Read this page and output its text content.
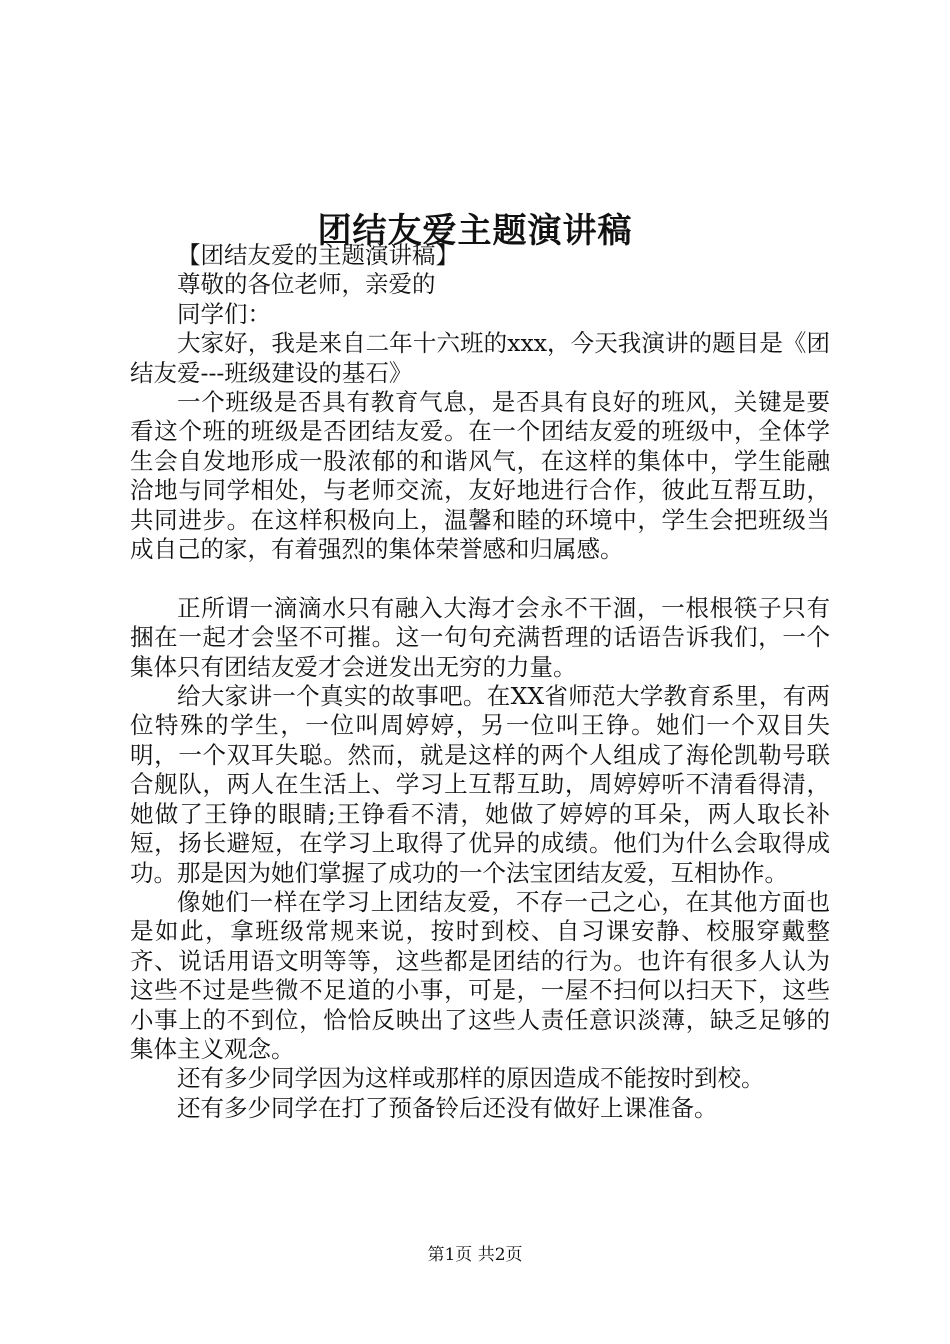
团结友爱主题演讲稿

【团结友爱的主题演讲稿】

尊敬的各位老师，亲爱的

同学们：

大家好，我是来自二年十六班的xxx，今天我演讲的题目是《团结友爱---班级建设的基石》

一个班级是否具有教育气息，是否具有良好的班风，关键是要看这个班的班级是否团结友爱。在一个团结友爱的班级中，全体学生会自发地形成一股浓郁的和谐风气，在这样的集体中，学生能融洽地与同学相处，与老师交流，友好地进行合作，彼此互帮互助，共同进步。在这样积极向上，温馨和睦的环境中，学生会把班级当成自己的家，有着强烈的集体荣誉感和归属感。

正所谓一滴滴水只有融入大海才会永不干涸，一根根筷子只有捆在一起才会坚不可摧。这一句句充满哲理的话语告诉我们，一个集体只有团结友爱才会迸发出无穷的力量。

给大家讲一个真实的故事吧。在XX省师范大学教育系里，有两位特殊的学生，一位叫周婷婷，另一位叫王铮。她们一个双目失明，一个双耳失聪。然而，就是这样的两个人组成了海伦凯勒号联合舰队，两人在生活上、学习上互帮互助，周婷婷听不清看得清，她做了王铮的眼睛;王铮看不清，她做了婷婷的耳朵，两人取长补短，扬长避短，在学习上取得了优异的成绩。他们为什么会取得成功。那是因为她们掌握了成功的一个法宝团结友爱，互相协作。

像她们一样在学习上团结友爱，不存一己之心，在其他方面也是如此，拿班级常规来说，按时到校、自习课安静、校服穿戴整齐、说话用语文明等等，这些都是团结的行为。也许有很多人认为这些不过是些微不足道的小事，可是，一屋不扫何以扫天下，这些小事上的不到位，恰恰反映出了这些人责任意识淡薄，缺乏足够的集体主义观念。

还有多少同学因为这样或那样的原因造成不能按时到校。

还有多少同学在打了预备铃后还没有做好上课准备。

第1页 共2页
